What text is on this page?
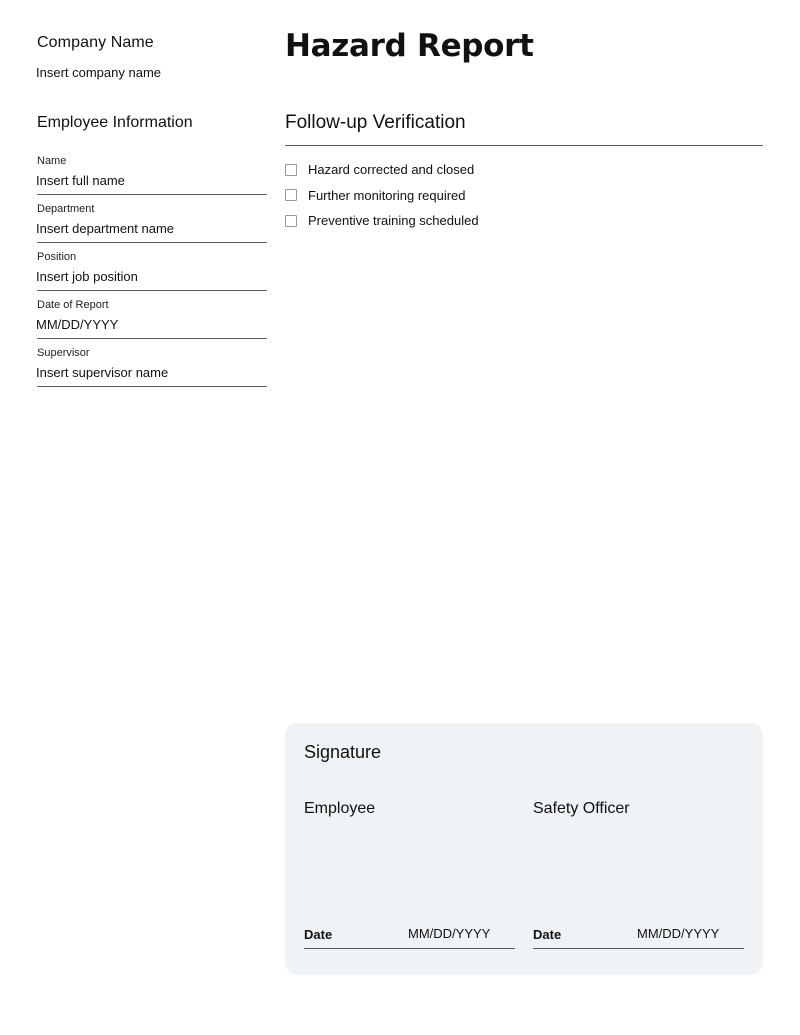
Company Name
Insert company name
Employee Information
Name
Insert full name
Department
Insert department name
Position
Insert job position
Date of Report
MM/DD/YYYY
Supervisor
Insert supervisor name
Hazard Report
Follow-up Verification
Hazard corrected and closed
Further monitoring required
Preventive training scheduled
Signature
Employee
Date	MM/DD/YYYY
Safety Officer
Date	MM/DD/YYYY
